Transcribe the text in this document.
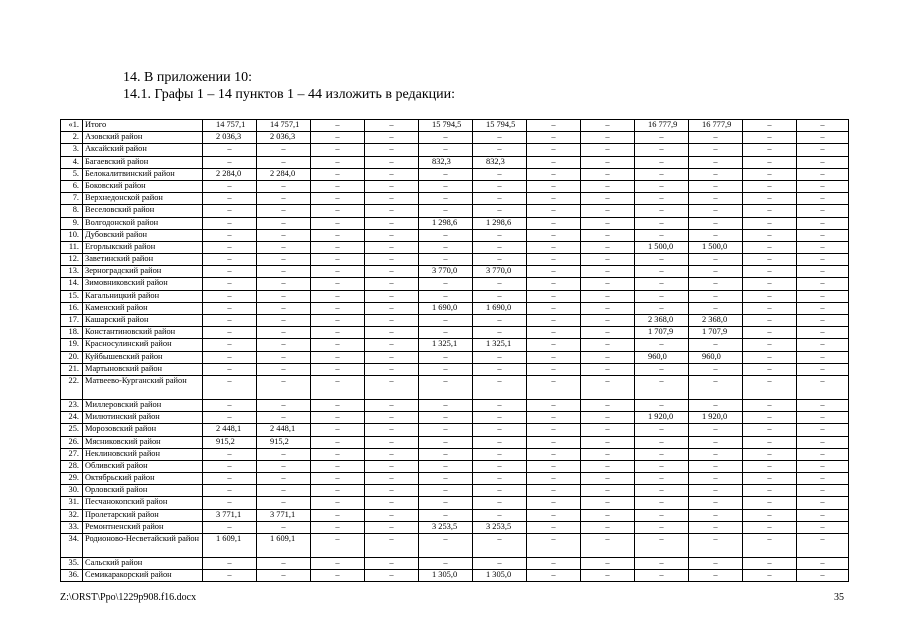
14. В приложении 10:
14.1. Графы 1 – 14 пунктов 1 – 44 изложить в редакции:
«1.	Итого	14 757,1	14 757,1	–	–	15 794,5	15 794,5	–	–	16 777,9	16 777,9	–	–
2.	Азовский район	2 036,3	2 036,3	–	–	–	–	–	–	–	–	–	–
3.	Аксайский район	–	–	–	–	–	–	–	–	–	–	–	–
4.	Багаевский район	–	–	–	–	832,3	832,3	–	–	–	–	–	–
5.	Белокалитвинский район	2 284,0	2 284,0	–	–	–	–	–	–	–	–	–	–
6.	Боковский район	–	–	–	–	–	–	–	–	–	–	–	–
7.	Верхнедонской район	–	–	–	–	–	–	–	–	–	–	–	–
8.	Веселовский район	–	–	–	–	–	–	–	–	–	–	–	–
9.	Волгодонской район	–	–	–	–	1 298,6	1 298,6	–	–	–	–	–	–
10.	Дубовский район	–	–	–	–	–	–	–	–	–	–	–	–
11.	Егорлыкский район	–	–	–	–	–	–	–	–	1 500,0	1 500,0	–	–
12.	Заветинский район	–	–	–	–	–	–	–	–	–	–	–	–
13.	Зерноградский район	–	–	–	–	3 770,0	3 770,0	–	–	–	–	–	–
14.	Зимовниковский район	–	–	–	–	–	–	–	–	–	–	–	–
15.	Кагальницкий район	–	–	–	–	–	–	–	–	–	–	–	–
16.	Каменский район	–	–	–	–	1 690,0	1 690,0	–	–	–	–	–	–
17.	Кашарский район	–	–	–	–	–	–	–	–	2 368,0	2 368,0	–	–
18.	Константиновский район	–	–	–	–	–	–	–	–	1 707,9	1 707,9	–	–
19.	Красносулинский район	–	–	–	–	1 325,1	1 325,1	–	–	–	–	–	–
20.	Куйбышевский район	–	–	–	–	–	–	–	–	960,0	960,0	–	–
21.	Мартыновский район	–	–	–	–	–	–	–	–	–	–	–	–
22.	Матвеево-Курганский район	–	–	–	–	–	–	–	–	–	–	–	–
23.	Миллеровский район	–	–	–	–	–	–	–	–	–	–	–	–
24.	Милютинский район	–	–	–	–	–	–	–	–	1 920,0	1 920,0	–	–
25.	Морозовский район	2 448,1	2 448,1	–	–	–	–	–	–	–	–	–	–
26.	Мясниковский район	915,2	915,2	–	–	–	–	–	–	–	–	–	–
27.	Неклиновский район	–	–	–	–	–	–	–	–	–	–	–	–
28.	Обливский район	–	–	–	–	–	–	–	–	–	–	–	–
29.	Октябрьский район	–	–	–	–	–	–	–	–	–	–	–	–
30.	Орловский район	–	–	–	–	–	–	–	–	–	–	–	–
31.	Песчанокопский район	–	–	–	–	–	–	–	–	–	–	–	–
32.	Пролетарский район	3 771,1	3 771,1	–	–	–	–	–	–	–	–	–	–
33.	Ремонтненский район	–	–	–	–	3 253,5	3 253,5	–	–	–	–	–	–
34.	Родионово-Несветайский район	1 609,1	1 609,1	–	–	–	–	–	–	–	–	–	–
35.	Сальский район	–	–	–	–	–	–	–	–	–	–	–	–
36.	Семикаракорский район	–	–	–	–	1 305,0	1 305,0	–	–	–	–	–	–
Z:\ORST\Ppo\1229p908.f16.docx	35
